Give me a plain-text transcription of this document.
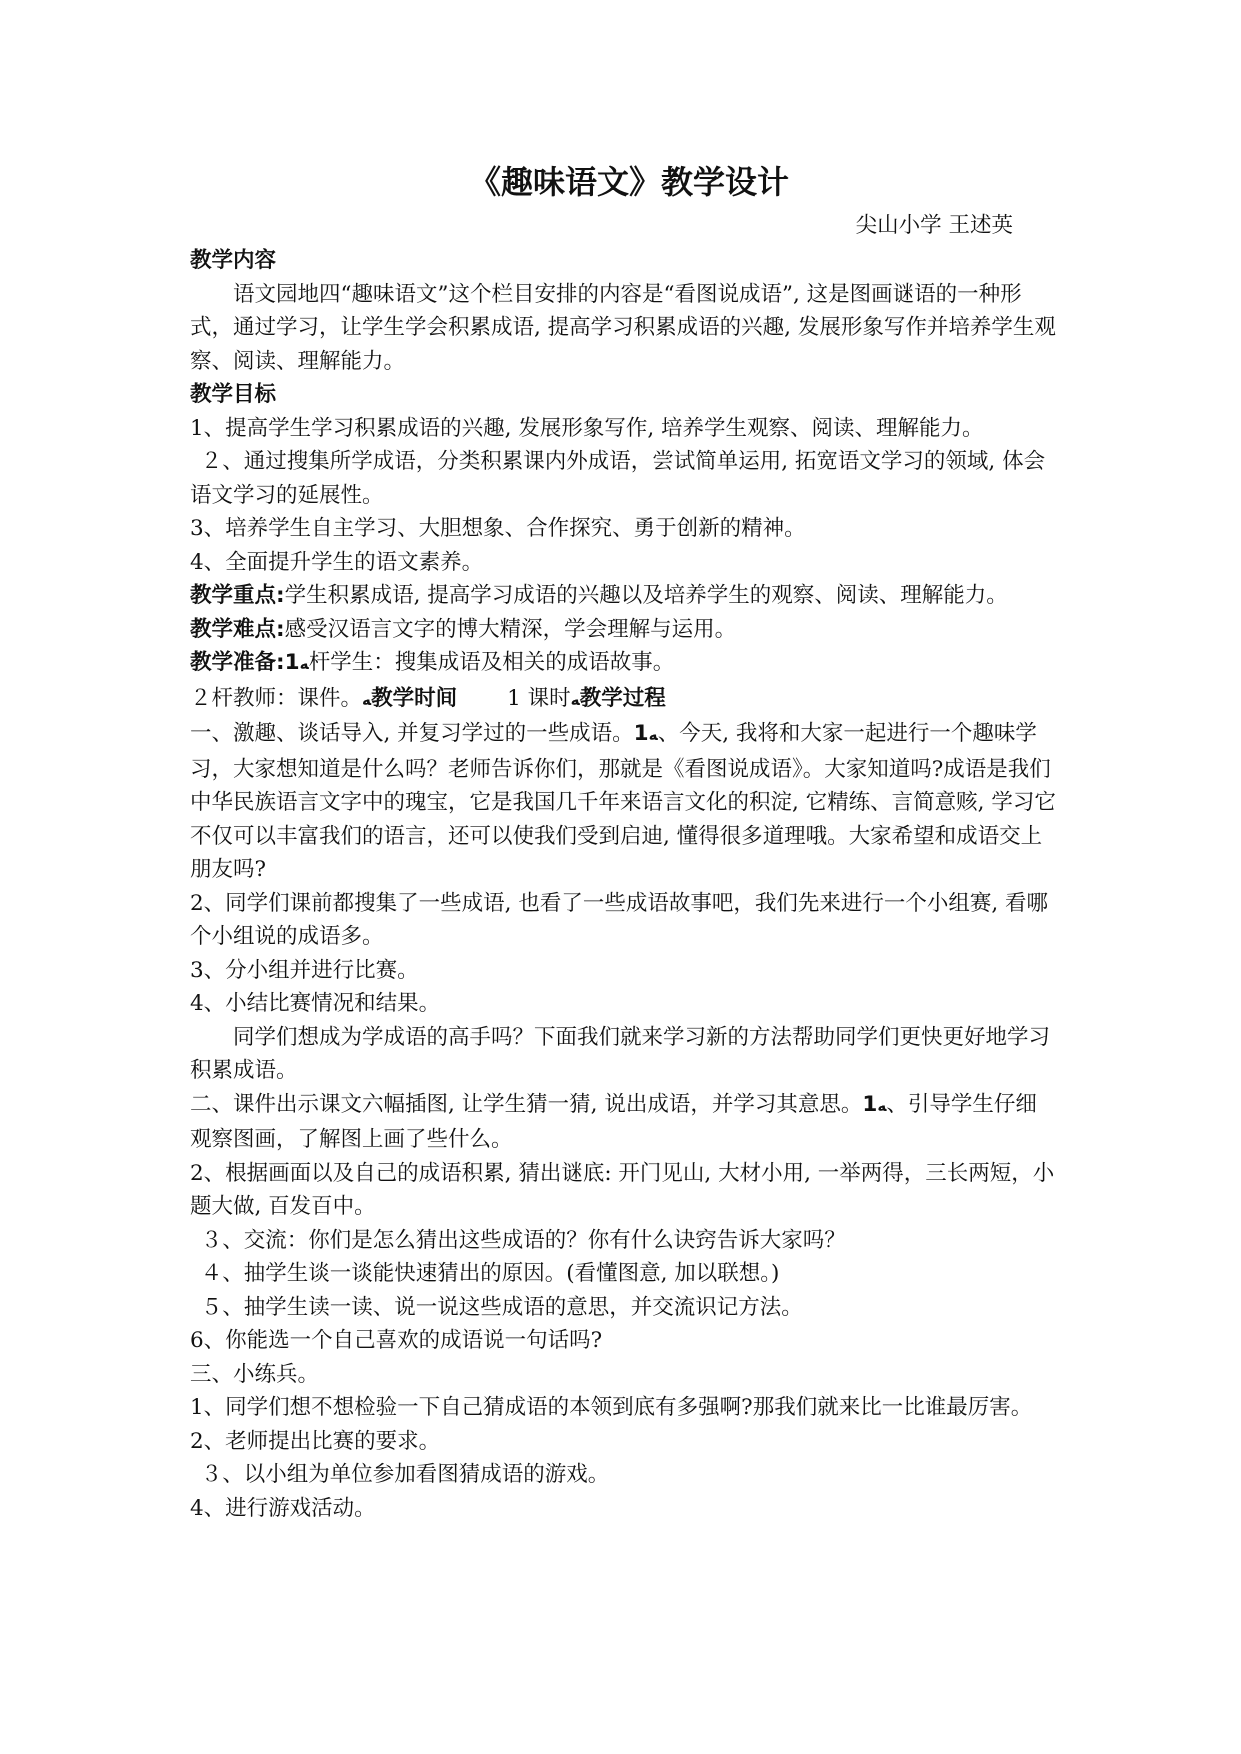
《趣味语文》教学设计
尖山小学 王述英
教学内容

语文园地四“趣味语文”这个栏目安排的内容是“看图说成语”, 这是图画谜语的一种形式，通过学习，让学生学会积累成语, 提高学习积累成语的兴趣, 发展形象写作并培养学生观察、阅读、理解能力。

教学目标

1、提高学生学习积累成语的兴趣, 发展形象写作, 培养学生观察、阅读、理解能力。

２、通过搜集所学成语，分类积累课内外成语，尝试简单运用, 拓宽语文学习的领域, 体会语文学习的延展性。

3、培养学生自主学习、大胆想象、合作探究、勇于创新的精神。

4、全面提升学生的语文素养。

教学重点:学生积累成语, 提高学习成语的兴趣以及培养学生的观察、阅读、理解能力。

教学难点:感受汉语言文字的博大精深，学会理解与运用。

教学准备:1ﻪ杆学生：搜集成语及相关的成语故事。

２杆教师：课件。ﻪ教学时间 1 课时ﻪ教学过程

一、激趣、谈话导入, 并复习学过的一些成语。1ﻪ、今天, 我将和大家一起进行一个趣味学习，大家想知道是什么吗？老师告诉你们，那就是《看图说成语》。大家知道吗?成语是我们中华民族语言文字中的瑰宝，它是我国几千年来语言文化的积淀, 它精练、言简意赅, 学习它不仅可以丰富我们的语言，还可以使我们受到启迪, 懂得很多道理哦。大家希望和成语交上朋友吗?

2、同学们课前都搜集了一些成语, 也看了一些成语故事吧，我们先来进行一个小组赛, 看哪个小组说的成语多。

3、分小组并进行比赛。

4、小结比赛情况和结果。

同学们想成为学成语的高手吗？下面我们就来学习新的方法帮助同学们更快更好地学习积累成语。

二、课件出示课文六幅插图, 让学生猜一猜, 说出成语，并学习其意思。1ﻪ、引导学生仔细观察图画，了解图上画了些什么。

2、根据画面以及自己的成语积累, 猜出谜底: 开门见山, 大材小用, 一举两得，三长两短，小题大做, 百发百中。

３、交流：你们是怎么猜出这些成语的？你有什么诀窍告诉大家吗？

４、抽学生谈一谈能快速猜出的原因。(看懂图意, 加以联想。)

５、抽学生读一读、说一说这些成语的意思，并交流识记方法。

6、你能选一个自己喜欢的成语说一句话吗?

三、小练兵。

1、同学们想不想检验一下自己猜成语的本领到底有多强啊?那我们就来比一比谁最厉害。

2、老师提出比赛的要求。

３、以小组为单位参加看图猜成语的游戏。

4、进行游戏活动。
